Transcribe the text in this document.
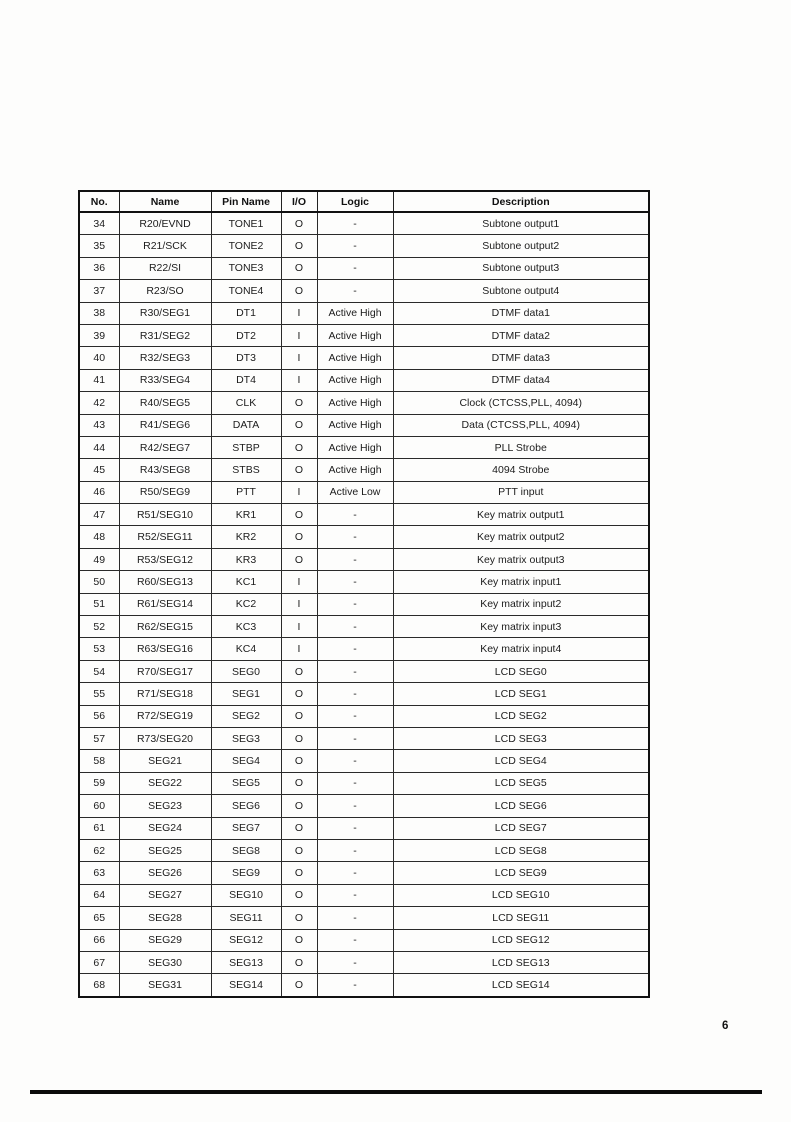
No.	Name	Pin Name	I/O	Logic	Description
34	R20/EVND	TONE1	O	-	Subtone output1
35	R21/SCK	TONE2	O	-	Subtone output2
36	R22/SI	TONE3	O	-	Subtone output3
37	R23/SO	TONE4	O	-	Subtone output4
38	R30/SEG1	DT1	I	Active High	DTMF data1
39	R31/SEG2	DT2	I	Active High	DTMF data2
40	R32/SEG3	DT3	I	Active High	DTMF data3
41	R33/SEG4	DT4	I	Active High	DTMF data4
42	R40/SEG5	CLK	O	Active High	Clock (CTCSS,PLL, 4094)
43	R41/SEG6	DATA	O	Active High	Data (CTCSS,PLL, 4094)
44	R42/SEG7	STBP	O	Active High	PLL Strobe
45	R43/SEG8	STBS	O	Active High	4094 Strobe
46	R50/SEG9	PTT	I	Active Low	PTT input
47	R51/SEG10	KR1	O	-	Key matrix output1
48	R52/SEG11	KR2	O	-	Key matrix output2
49	R53/SEG12	KR3	O	-	Key matrix output3
50	R60/SEG13	KC1	I	-	Key matrix input1
51	R61/SEG14	KC2	I	-	Key matrix input2
52	R62/SEG15	KC3	I	-	Key matrix input3
53	R63/SEG16	KC4	I	-	Key matrix input4
54	R70/SEG17	SEG0	O	-	LCD SEG0
55	R71/SEG18	SEG1	O	-	LCD SEG1
56	R72/SEG19	SEG2	O	-	LCD SEG2
57	R73/SEG20	SEG3	O	-	LCD SEG3
58	SEG21	SEG4	O	-	LCD SEG4
59	SEG22	SEG5	O	-	LCD SEG5
60	SEG23	SEG6	O	-	LCD SEG6
61	SEG24	SEG7	O	-	LCD SEG7
62	SEG25	SEG8	O	-	LCD SEG8
63	SEG26	SEG9	O	-	LCD SEG9
64	SEG27	SEG10	O	-	LCD SEG10
65	SEG28	SEG11	O	-	LCD SEG11
66	SEG29	SEG12	O	-	LCD SEG12
67	SEG30	SEG13	O	-	LCD SEG13
68	SEG31	SEG14	O	-	LCD SEG14
6
